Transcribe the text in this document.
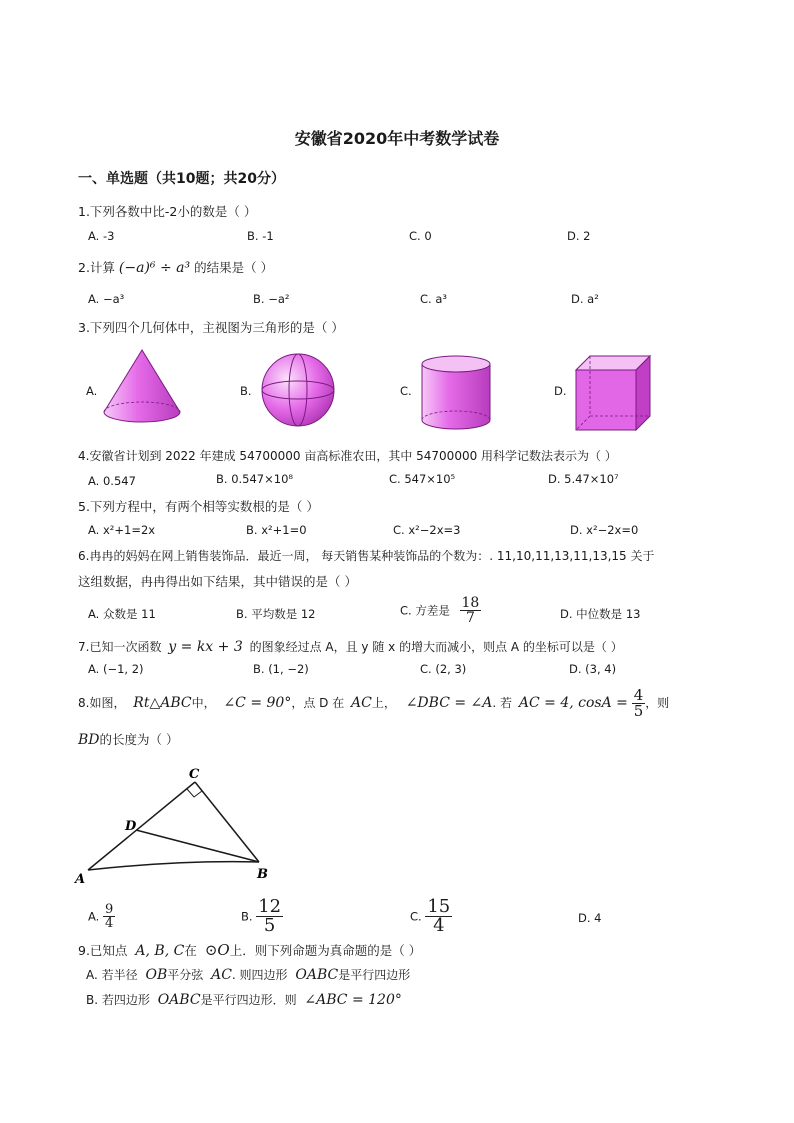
安徽省2020年中考数学试卷
一、单选题（共10题；共20分）
1.下列各数中比-2小的数是（ ）
A. -3	B. -1	C. 0	D. 2
2.计算 (−a)⁶ ÷ a³ 的结果是（ ）
A. −a³	B. −a²	C. a³	D. a²
3.下列四个几何体中，主视图为三角形的是（ ）
A.	B.	C.	D.
4.安徽省计划到 2022 年建成 54700000 亩高标准农田，其中 54700000 用科学记数法表示为（ ）
A. 0.547	B. 0.547×10⁸	C. 547×10⁵	D. 5.47×10⁷
5.下列方程中，有两个相等实数根的是（ ）
A. x²+1=2x	B. x²+1=0	C. x²−2x=3	D. x²−2x=0
6.冉冉的妈妈在网上销售装饰品．最近一周， 每天销售某种装饰品的个数为：. 11,10,11,13,11,13,15 关于
这组数据，冉冉得出如下结果，其中错误的是（ ）
A. 众数是 11	B. 平均数是 12	C. 方差是 $\frac{18}{7}$	D. 中位数是 13
7.已知一次函数 y = kx + 3 的图象经过点 A，且 y 随 x 的增大而减小，则点 A 的坐标可以是（ ）
A. (−1, 2)	B. (1, −2)	C. (2, 3)	D. (3, 4)
8.如图， Rt△ABC中， ∠C = 90°，点 D 在 AC上， ∠DBC = ∠A. 若 AC = 4, $\cos A = \frac{4}{5}$ ，则
BD的长度为（ ）
C
D
A	B
A. $\frac{9}{4}$	B. $\frac{12}{5}$	C. $\frac{15}{4}$	D. 4
9.已知点 A, B, C在 ⊙O上．则下列命题为真命题的是（ ）
A. 若半径 OB平分弦 AC. 则四边形 OABC是平行四边形
B. 若四边形 OABC是平行四边形．则 ∠ABC = 120°
